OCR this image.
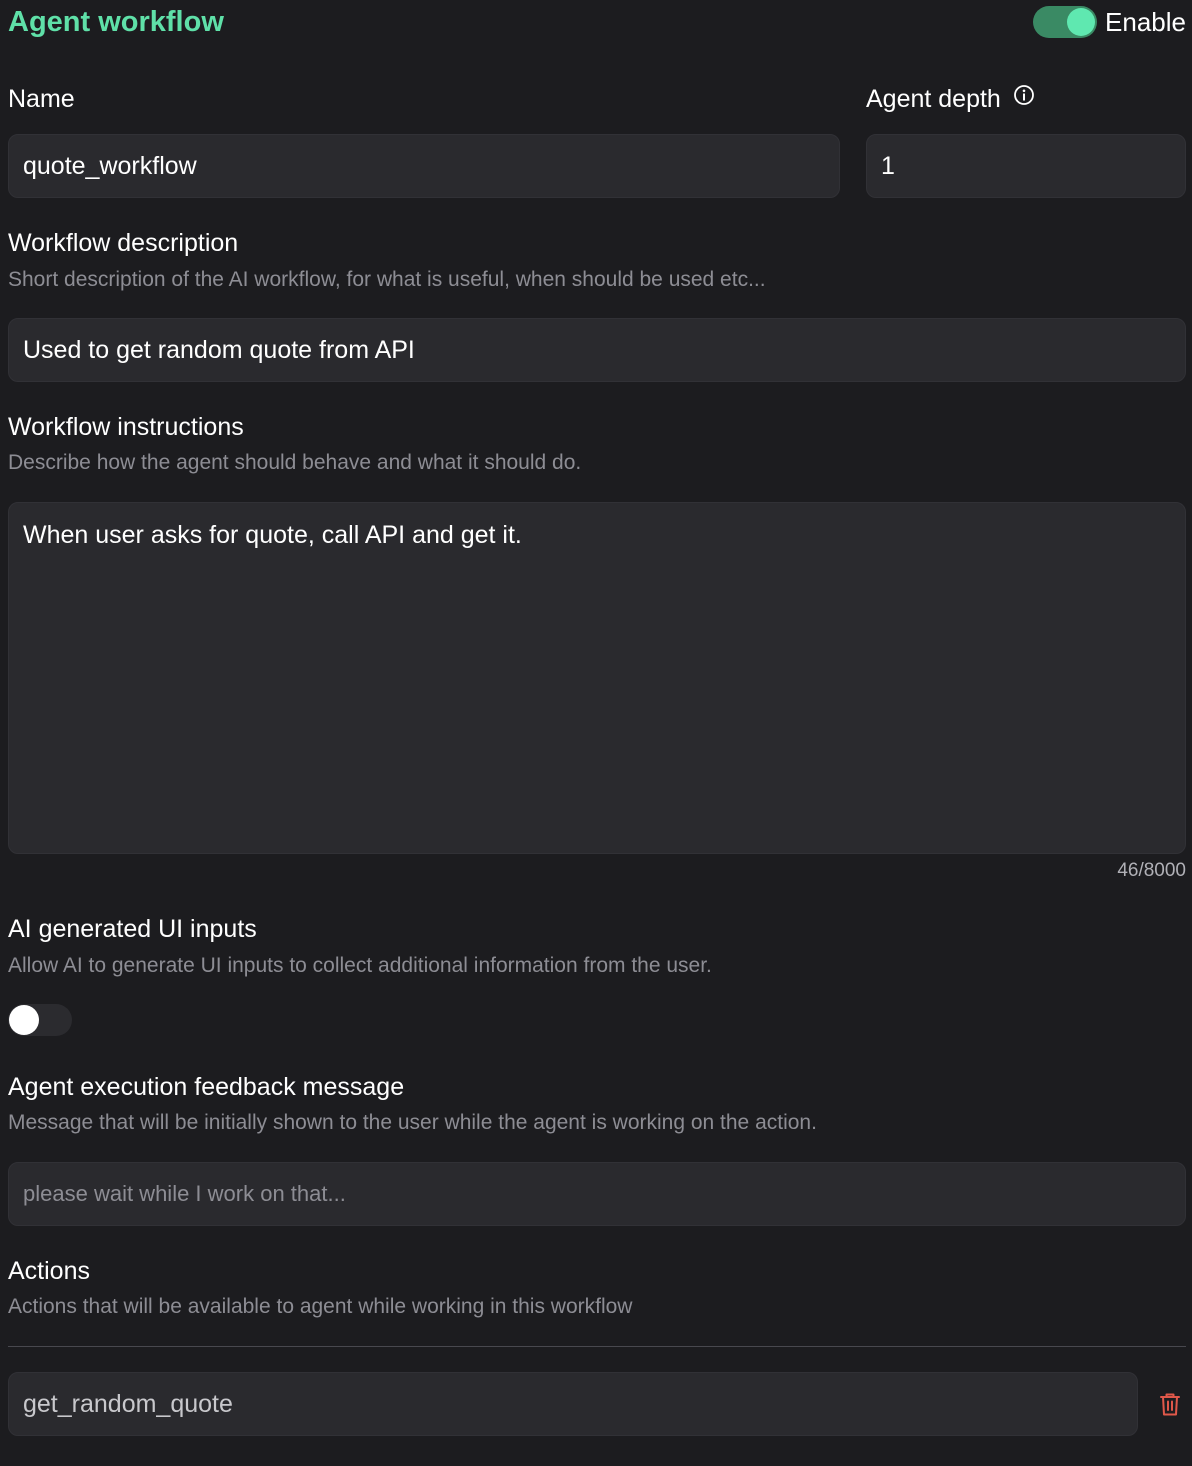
Agent workflow	Enable
Name
quote_workflow	Agent depth
1
Workflow description
Short description of the AI workflow, for what is useful, when should be used etc...
Used to get random quote from API
Workflow instructions
Describe how the agent should behave and what it should do.
When user asks for quote, call API and get it.
46/8000
AI generated UI inputs
Allow AI to generate UI inputs to collect additional information from the user.
Agent execution feedback message
Message that will be initially shown to the user while the agent is working on the action.
please wait while I work on that...
Actions
Actions that will be available to agent while working in this workflow
get_random_quote
